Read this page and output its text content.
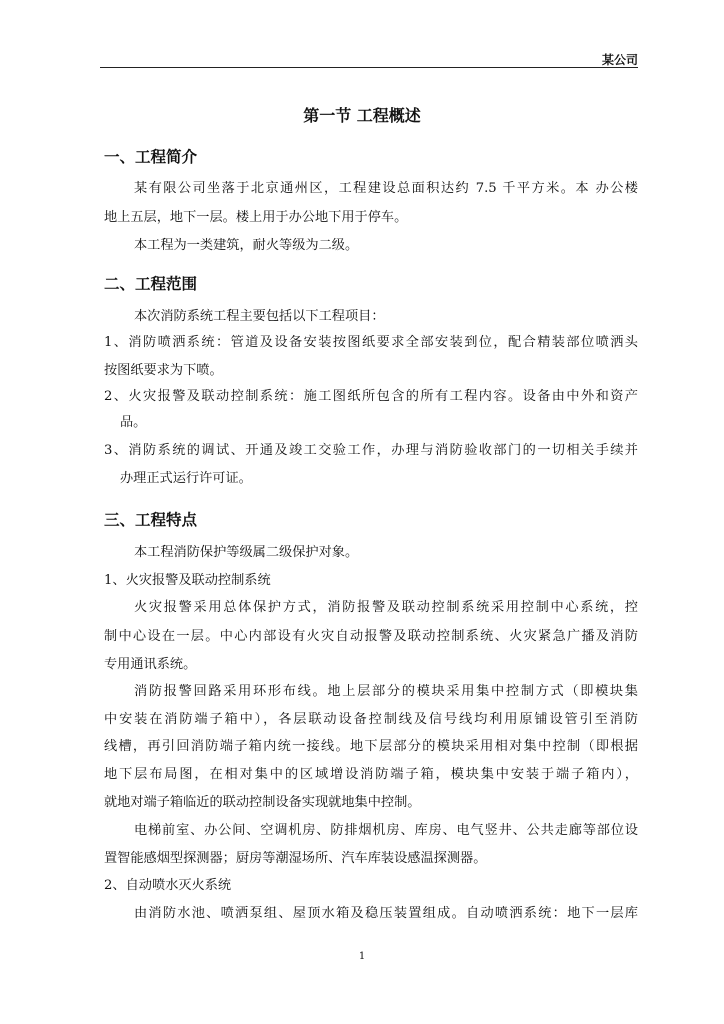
某公司
第一节 工程概述
一、工程简介
某有限公司坐落于北京通州区，工程建设总面积达约 7.5 千平方米。本 办公楼
地上五层，地下一层。楼上用于办公地下用于停车。
本工程为一类建筑，耐火等级为二级。
二、工程范围
本次消防系统工程主要包括以下工程项目：
1、消防喷洒系统：管道及设备安装按图纸要求全部安装到位，配合精装部位喷洒头
按图纸要求为下喷。
2、火灾报警及联动控制系统：施工图纸所包含的所有工程内容。设备由中外和资产
品。
3、消防系统的调试、开通及竣工交验工作，办理与消防验收部门的一切相关手续并
办理正式运行许可证。
三、工程特点
本工程消防保护等级属二级保护对象。
1、火灾报警及联动控制系统
火灾报警采用总体保护方式，消防报警及联动控制系统采用控制中心系统，控
制中心设在一层。中心内部设有火灾自动报警及联动控制系统、火灾紧急广播及消防
专用通讯系统。
消防报警回路采用环形布线。地上层部分的模块采用集中控制方式（即模块集
中安装在消防端子箱中），各层联动设备控制线及信号线均利用原铺设管引至消防
线槽，再引回消防端子箱内统一接线。地下层部分的模块采用相对集中控制（即根据
地下层布局图，在相对集中的区域增设消防端子箱，模块集中安装于端子箱内），
就地对端子箱临近的联动控制设备实现就地集中控制。
电梯前室、办公间、空调机房、防排烟机房、库房、电气竖井、公共走廊等部位设
置智能感烟型探测器；厨房等潮湿场所、汽车库装设感温探测器。
2、自动喷水灭火系统
由消防水池、喷洒泵组、屋顶水箱及稳压装置组成。自动喷洒系统：地下一层库
1
